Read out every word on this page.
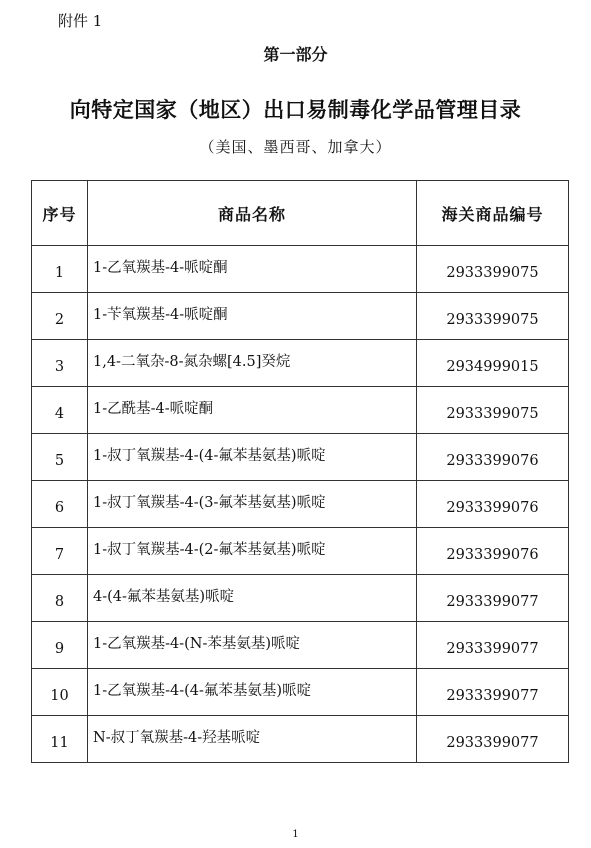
附件 1
第一部分
向特定国家（地区）出口易制毒化学品管理目录
（美国、墨西哥、加拿大）
序号	商品名称	海关商品编号
1	1-乙氧羰基-4-哌啶酮	2933399075
2	1-苄氧羰基-4-哌啶酮	2933399075
3	1,4-二氧杂-8-氮杂螺[4.5]癸烷	2934999015
4	1-乙酰基-4-哌啶酮	2933399075
5	1-叔丁氧羰基-4-(4-氟苯基氨基)哌啶	2933399076
6	1-叔丁氧羰基-4-(3-氟苯基氨基)哌啶	2933399076
7	1-叔丁氧羰基-4-(2-氟苯基氨基)哌啶	2933399076
8	4-(4-氟苯基氨基)哌啶	2933399077
9	1-乙氧羰基-4-(N-苯基氨基)哌啶	2933399077
10	1-乙氧羰基-4-(4-氟苯基氨基)哌啶	2933399077
11	N-叔丁氧羰基-4-羟基哌啶	2933399077
1
